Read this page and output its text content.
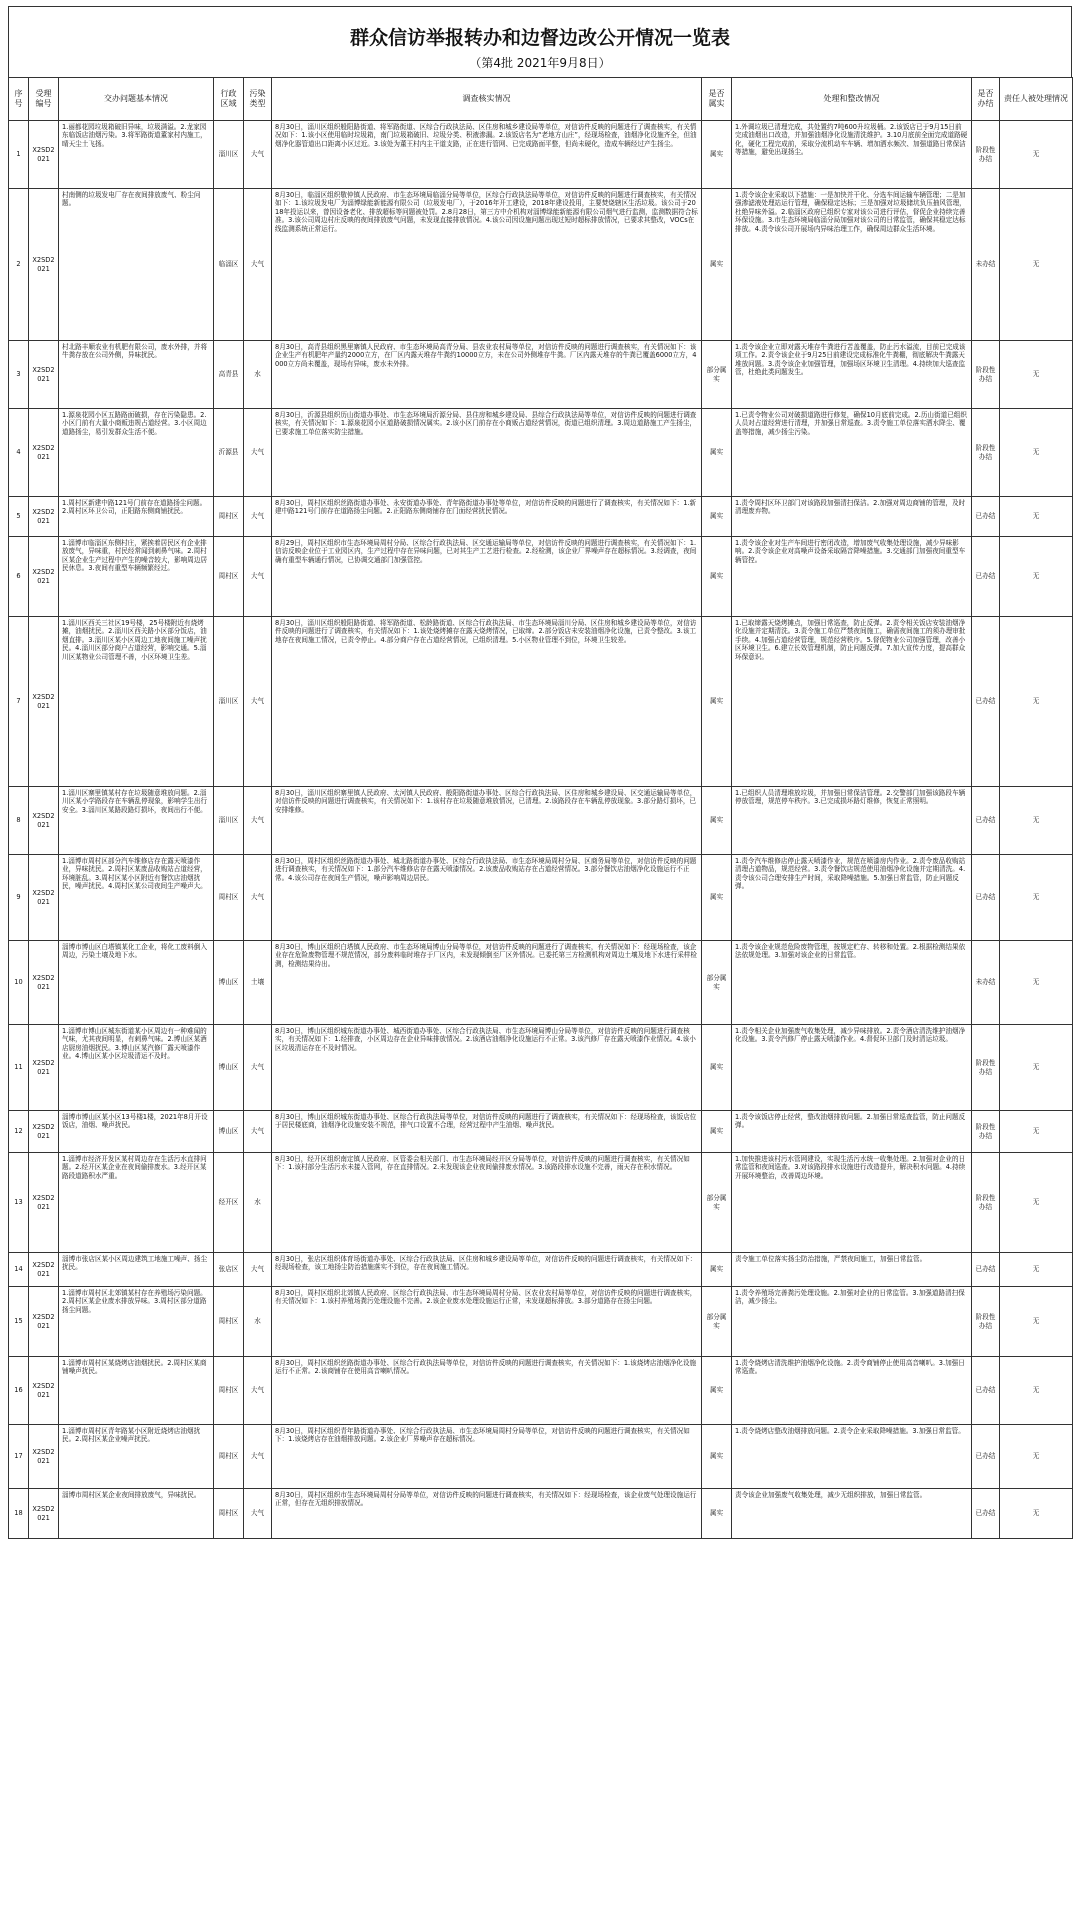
群众信访举报转办和边督边改公开情况一览表
（第4批 2021年9月8日）
序号	受理编号	交办问题基本情况	行政区域	污染类型	调查核实情况	是否属实	处理和整改情况	是否办结	责任人被处理情况

1	X2SD2021	1.丽都花园垃圾箱破旧异味，垃圾满溢。2.龙家园东临饭店油烟污染。3.将军路街道董家村内施工，晴天尘土飞扬。	淄川区	大气	8月30日，淄川区组织般阳路街道、将军路街道、区综合行政执法局、区住房和城乡建设局等单位，对信访件反映的问题进行了调查核实，有关情况如下：1.该小区使用临时垃圾箱，南门垃圾箱破旧、垃圾分类、积液渗漏。2.该饭店名为“老地方山庄”，经现场检查，油烟净化设施齐全，但油烟净化器管道出口距离小区过近。3.该处为董王村内主干道支路，正在进行管网、已完成路面平整，但尚未硬化，造成车辆经过产生扬尘。	属实	1.外调垃圾已清理完成，共处置约7吨600升垃圾桶。2.该饭店已于9月15日前完成油烟出口改造，并加强油烟净化设施清洗维护。3.10月底前全面完成道路硬化，硬化工程完成前，采取分流机动车车辆、增加洒水频次、加强道路日常保洁等措施，避免出现扬尘。	阶段性办结	无

2	X2SD2021	村南侧的垃圾发电厂存在夜间排放废气、粉尘问题。	临淄区	大气	8月30日，临淄区组织敬仲镇人民政府、市生态环境局临淄分局等单位，区综合行政执法局等单位，对信访件反映的问题进行调查核实，有关情况如下：1.该垃圾发电厂为淄博绿能新能源有限公司（垃圾发电厂），于2016年开工建设，2018年建设投用，主要焚烧辖区生活垃圾。该公司于2018年投运以来，曾因设备老化、排放超标等问题被处罚。2.8月28日，第三方中介机构对淄博绿能新能源有限公司烟气进行监测，监测数据符合标准。3.该公司周边村庄反映的夜间排放废气问题，未发现直接排放情况。4.该公司因设施问题出现过短时超标排放情况，已要求其整改，VOCs在线监测系统正常运行。	属实	1.责令该企业采取以下措施：一是加快并干化、分选车间运输车辆管理；二是加强渗滤液处理站运行管理，确保稳定达标；三是加强对垃圾储坑负压抽风管理，杜绝异味外溢。2.临淄区政府已组织专家对该公司进行评估，督促企业持续完善环保设施。3.市生态环境局临淄分局加强对该公司的日常监管，确保其稳定达标排放。4.责令该公司开展场内异味治理工作，确保周边群众生活环境。	未办结	无

3	X2SD2021	村北路丰顺农业有机肥有限公司，废水外排，并将牛粪存放在公司外侧，异味扰民。	高青县	水	8月30日，高青县组织黑里寨镇人民政府、市生态环境局高青分局、县农业农村局等单位，对信访件反映的问题进行调查核实，有关情况如下：该企业生产有机肥年产量约2000立方，在厂区内露天堆存牛粪约10000立方，未在公司外侧堆存牛粪。厂区内露天堆存的牛粪已覆盖6000立方，4000立方尚未覆盖，现场有异味，废水未外排。	部分属实	1.责令该企业立即对露天堆存牛粪进行苫盖覆盖，防止污水溢流，目前已完成该项工作。2.责令该企业于9月25日前建设完成标准化牛粪棚，彻底解决牛粪露天堆放问题。3.责令该企业加强管理，加强场区环境卫生清理。4.持续加大巡查监管，杜绝此类问题发生。	阶段性办结	无

4	X2SD2021	1.源泉花园小区五路路面破损，存在污染隐患。2.小区门前有大量小商贩违规占道经营。3.小区周边道路扬尘，易引发群众生活不便。	沂源县	大气	8月30日，沂源县组织历山街道办事处、市生态环境局沂源分局、县住房和城乡建设局、县综合行政执法局等单位，对信访件反映的问题进行调查核实，有关情况如下：1.源泉花园小区道路破损情况属实。2.该小区门前存在小商贩占道经营情况，街道已组织清理。3.周边道路施工产生扬尘，已要求施工单位落实防尘措施。	属实	1.已责令物业公司对破损道路进行修复，确保10月底前完成。2.历山街道已组织人员对占道经营进行清理，并加强日常巡查。3.责令施工单位落实洒水降尘、覆盖等措施，减少扬尘污染。	阶段性办结	无

5	X2SD2021	1.周村区新建中路121号门前存在道路扬尘问题。2.周村区环卫公司，正阳路东侧商铺扰民。	周村区	大气	8月30日，周村区组织丝路街道办事处、永安街道办事处、青年路街道办事处等单位，对信访件反映的问题进行了调查核实，有关情况如下：1.新建中路121号门前存在道路扬尘问题。2.正阳路东侧商铺存在门面经营扰民情况。	属实	1.责令周村区环卫部门对该路段加强清扫保洁。2.加强对周边商铺的管理，及时清理废弃物。	已办结	无

6	X2SD2021	1.淄博市临淄区东侧村庄，紧挨着居民区有企业排放废气，异味重，村民经常闻到刺鼻气味。2.周村区某企业生产过程中产生的噪音较大，影响周边居民休息。3.夜间有重型车辆频繁经过。	周村区	大气	8月29日，周村区组织市生态环境局周村分局、区综合行政执法局、区交通运输局等单位，对信访件反映的问题进行调查核实，有关情况如下：1.信访反映企业位于工业园区内，生产过程中存在异味问题，已对其生产工艺进行检查。2.经检测，该企业厂界噪声存在超标情况。3.经调查，夜间确有重型车辆通行情况，已协调交通部门加强管控。	属实	1.责令该企业对生产车间进行密闭改造，增加废气收集处理设施，减少异味影响。2.责令该企业对高噪声设备采取隔音降噪措施。3.交通部门加强夜间重型车辆管控。	已办结	无

7	X2SD2021	1.淄川区西关三社区19号楼，25号楼附近有烧烤摊，油烟扰民。2.淄川区西关路小区部分饭店，油烟直排。3.淄川区某小区周边工地夜间施工噪声扰民。4.淄川区部分商户占道经营，影响交通。5.淄川区某物业公司管理不善，小区环境卫生差。	淄川区	大气	8月30日，淄川区组织般阳路街道、将军路街道、松龄路街道、区综合行政执法局、市生态环境局淄川分局、区住房和城乡建设局等单位，对信访件反映的问题进行了调查核实，有关情况如下：1.该处烧烤摊存在露天烧烤情况，已取缔。2.部分饭店未安装油烟净化设施，已责令整改。3.该工地存在夜间施工情况，已责令停止。4.部分商户存在占道经营情况，已组织清理。5.小区物业管理不到位，环境卫生较差。	属实	1.已取缔露天烧烤摊点，加强日常巡查，防止反弹。2.责令相关饭店安装油烟净化设施并定期清洗。3.责令施工单位严禁夜间施工，确需夜间施工的须办理审批手续。4.加强占道经营管理，规范经营秩序。5.督促物业公司加强管理，改善小区环境卫生。6.建立长效管理机制，防止问题反弹。7.加大宣传力度，提高群众环保意识。	已办结	无

8	X2SD2021	1.淄川区寨里镇某村存在垃圾随意堆放问题。2.淄川区某小学路段存在车辆乱停现象，影响学生出行安全。3.淄川区某路段路灯损坏，夜间出行不便。	淄川区	大气	8月30日，淄川区组织寨里镇人民政府、太河镇人民政府、般阳路街道办事处、区综合行政执法局、区住房和城乡建设局、区交通运输局等单位，对信访件反映的问题进行调查核实，有关情况如下：1.该村存在垃圾随意堆放情况，已清理。2.该路段存在车辆乱停放现象。3.部分路灯损坏，已安排维修。	属实	1.已组织人员清理堆放垃圾，并加强日常保洁管理。2.交警部门加强该路段车辆停放管理，规范停车秩序。3.已完成损坏路灯维修，恢复正常照明。	已办结	无

9	X2SD2021	1.淄博市周村区部分汽车维修店存在露天喷漆作业，异味扰民。2.周村区某废品收购站占道经营，环境脏乱。3.周村区某小区附近有餐饮店油烟扰民，噪声扰民。4.周村区某公司夜间生产噪声大。	周村区	大气	8月30日，周村区组织丝路街道办事处、城北路街道办事处、区综合行政执法局、市生态环境局周村分局、区商务局等单位，对信访件反映的问题进行调查核实，有关情况如下：1.部分汽车维修店存在露天喷漆情况。2.该废品收购站存在占道经营情况。3.部分餐饮店油烟净化设施运行不正常。4.该公司存在夜间生产情况，噪声影响周边居民。	属实	1.责令汽车维修店停止露天喷漆作业，规范在喷漆房内作业。2.责令废品收购站清理占道物品，规范经营。3.责令餐饮店规范使用油烟净化设施并定期清洗。4.责令该公司合理安排生产时间，采取降噪措施。5.加强日常监管，防止问题反弹。	已办结	无

10	X2SD2021	淄博市博山区白塔镇某化工企业，将化工废料倒入周边，污染土壤及地下水。	博山区	土壤	8月30日，博山区组织白塔镇人民政府、市生态环境局博山分局等单位，对信访件反映的问题进行了调查核实，有关情况如下：经现场检查，该企业存在危险废物管理不规范情况，部分废料临时堆存于厂区内，未发现倾倒至厂区外情况。已委托第三方检测机构对周边土壤及地下水进行采样检测，检测结果待出。	部分属实	1.责令该企业规范危险废物管理，按规定贮存、转移和处置。2.根据检测结果依法依规处理。3.加强对该企业的日常监管。	未办结	无

11	X2SD2021	1.淄博市博山区城东街道某小区周边有一种难闻的气味，尤其夜间明显，有刺鼻气味。2.博山区某酒店厨房油烟扰民。3.博山区某汽修厂露天喷漆作业。4.博山区某小区垃圾清运不及时。	博山区	大气	8月30日，博山区组织城东街道办事处、城西街道办事处、区综合行政执法局、市生态环境局博山分局等单位，对信访件反映的问题进行调查核实，有关情况如下：1.经排查，小区周边存在企业异味排放情况。2.该酒店油烟净化设施运行不正常。3.该汽修厂存在露天喷漆作业情况。4.该小区垃圾清运存在不及时情况。	属实	1.责令相关企业加强废气收集处理，减少异味排放。2.责令酒店清洗维护油烟净化设施。3.责令汽修厂停止露天喷漆作业。4.督促环卫部门及时清运垃圾。	阶段性办结	无

12	X2SD2021	淄博市博山区某小区13号楼1楼，2021年8月开设饭店，油烟、噪声扰民。	博山区	大气	8月30日，博山区组织城东街道办事处、区综合行政执法局等单位，对信访件反映的问题进行了调查核实，有关情况如下：经现场检查，该饭店位于居民楼底商，油烟净化设施安装不规范，排气口设置不合理，经营过程中产生油烟、噪声扰民。	属实	1.责令该饭店停止经营，整改油烟排放问题。2.加强日常巡查监管，防止问题反弹。	阶段性办结	无

13	X2SD2021	1.淄博市经济开发区某村周边存在生活污水直排问题。2.经开区某企业在夜间偷排废水。3.经开区某路段道路积水严重。	经开区	水	8月30日，经开区组织南定镇人民政府、区管委会相关部门、市生态环境局经开区分局等单位，对信访件反映的问题进行调查核实，有关情况如下：1.该村部分生活污水未接入管网，存在直排情况。2.未发现该企业夜间偷排废水情况。3.该路段排水设施不完善，雨天存在积水情况。	部分属实	1.加快推进该村污水管网建设，实现生活污水统一收集处理。2.加强对企业的日常监管和夜间巡查。3.对该路段排水设施进行改造提升，解决积水问题。4.持续开展环境整治，改善周边环境。	阶段性办结	无

14	X2SD2021	淄博市张店区某小区周边建筑工地施工噪声、扬尘扰民。	张店区	大气	8月30日，张店区组织体育场街道办事处、区综合行政执法局、区住房和城乡建设局等单位，对信访件反映的问题进行调查核实，有关情况如下：经现场检查，该工地扬尘防治措施落实不到位，存在夜间施工情况。	属实	责令施工单位落实扬尘防治措施，严禁夜间施工，加强日常监管。	已办结	无

15	X2SD2021	1.淄博市周村区北郊镇某村存在养殖场污染问题。2.周村区某企业废水排放异味。3.周村区部分道路扬尘问题。	周村区	水	8月30日，周村区组织北郊镇人民政府、区综合行政执法局、市生态环境局周村分局、区农业农村局等单位，对信访件反映的问题进行调查核实，有关情况如下：1.该村养殖场粪污处理设施不完善。2.该企业废水处理设施运行正常，未发现超标排放。3.部分道路存在扬尘问题。	部分属实	1.责令养殖场完善粪污处理设施。2.加强对企业的日常监管。3.加强道路清扫保洁，减少扬尘。	阶段性办结	无

16	X2SD2021	1.淄博市周村区某烧烤店油烟扰民。2.周村区某商铺噪声扰民。	周村区	大气	8月30日，周村区组织丝路街道办事处、区综合行政执法局等单位，对信访件反映的问题进行调查核实，有关情况如下：1.该烧烤店油烟净化设施运行不正常。2.该商铺存在使用高音喇叭情况。	属实	1.责令烧烤店清洗维护油烟净化设施。2.责令商铺停止使用高音喇叭。3.加强日常巡查。	已办结	无

17	X2SD2021	1.淄博市周村区青年路某小区附近烧烤店油烟扰民。2.周村区某企业噪声扰民。	周村区	大气	8月30日，周村区组织青年路街道办事处、区综合行政执法局、市生态环境局周村分局等单位，对信访件反映的问题进行调查核实，有关情况如下：1.该烧烤店存在油烟排放问题。2.该企业厂界噪声存在超标情况。	属实	1.责令烧烤店整改油烟排放问题。2.责令企业采取降噪措施。3.加强日常监管。	已办结	无

18	X2SD2021	淄博市周村区某企业夜间排放废气，异味扰民。	周村区	大气	8月30日，周村区组织市生态环境局周村分局等单位，对信访件反映的问题进行调查核实，有关情况如下：经现场检查，该企业废气处理设施运行正常，但存在无组织排放情况。	属实	责令该企业加强废气收集处理，减少无组织排放，加强日常监管。	已办结	无
